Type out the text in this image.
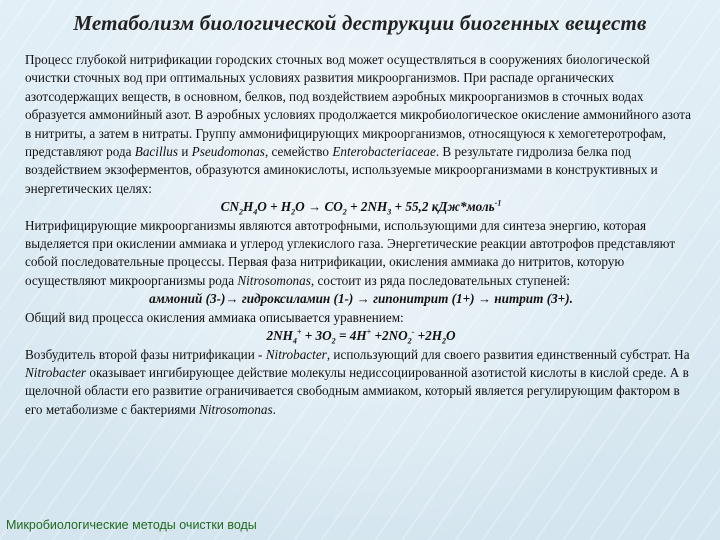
Метаболизм биологической деструкции биогенных веществ

Процесс глубокой нитрификации городских сточных вод может осуществляться в сооружениях биологической очистки сточных вод при оптимальных условиях развития микроорганизмов. При распаде органических азотсодержащих веществ, в основном, белков, под воздействием аэробных микроорганизмов в сточных водах образуется аммонийный азот. В аэробных условиях продолжается микробиологическое окисление аммонийного азота в нитриты, а затем в нитраты. Группу аммонифицирующих микроорганизмов, относящуюся к хемогетеротрофам, представляют рода Bacillus и Pseudomonas, семейство Enterobacteriaceae. В результате гидролиза белка под воздействием экзоферментов, образуются аминокислоты, используемые микроорганизмами в конструктивных и энергетических целях:

$CN_2H_4O + H_2O \to CO_2 + 2NH_3 + 55,2$ кДж*моль$^{-1}$

Нитрифицирующие микроорганизмы являются автотрофными, использующими для синтеза энергию, которая выделяется при окислении аммиака и углерод углекислого газа. Энергетические реакции автотрофов представляют собой последовательные процессы. Первая фаза нитрификации, окисления аммиака до нитритов, которую осуществляют микроорганизмы рода Nitrosomonas, состоит из ряда последовательных ступеней:

аммоний (3-)→ гидроксиламин (1-) → гипонитрит (1+) → нитрит (3+).

Общий вид процесса окисления аммиака описывается уравнением:

$2NH_4^+ + 3O_2 = 4H^+ +2NO_2^- +2H_2O$

Возбудитель второй фазы нитрификации - Nitrobacter, использующий для своего развития единственный субстрат. На Nitrobacter оказывает ингибирующее действие молекулы недиссоциированной азотистой кислоты в кислой среде. А в щелочной области его развитие ограничивается свободным аммиаком, который является регулирующим фактором в его метаболизме с бактериями Nitrosomonas.

Микробиологические методы очистки воды
